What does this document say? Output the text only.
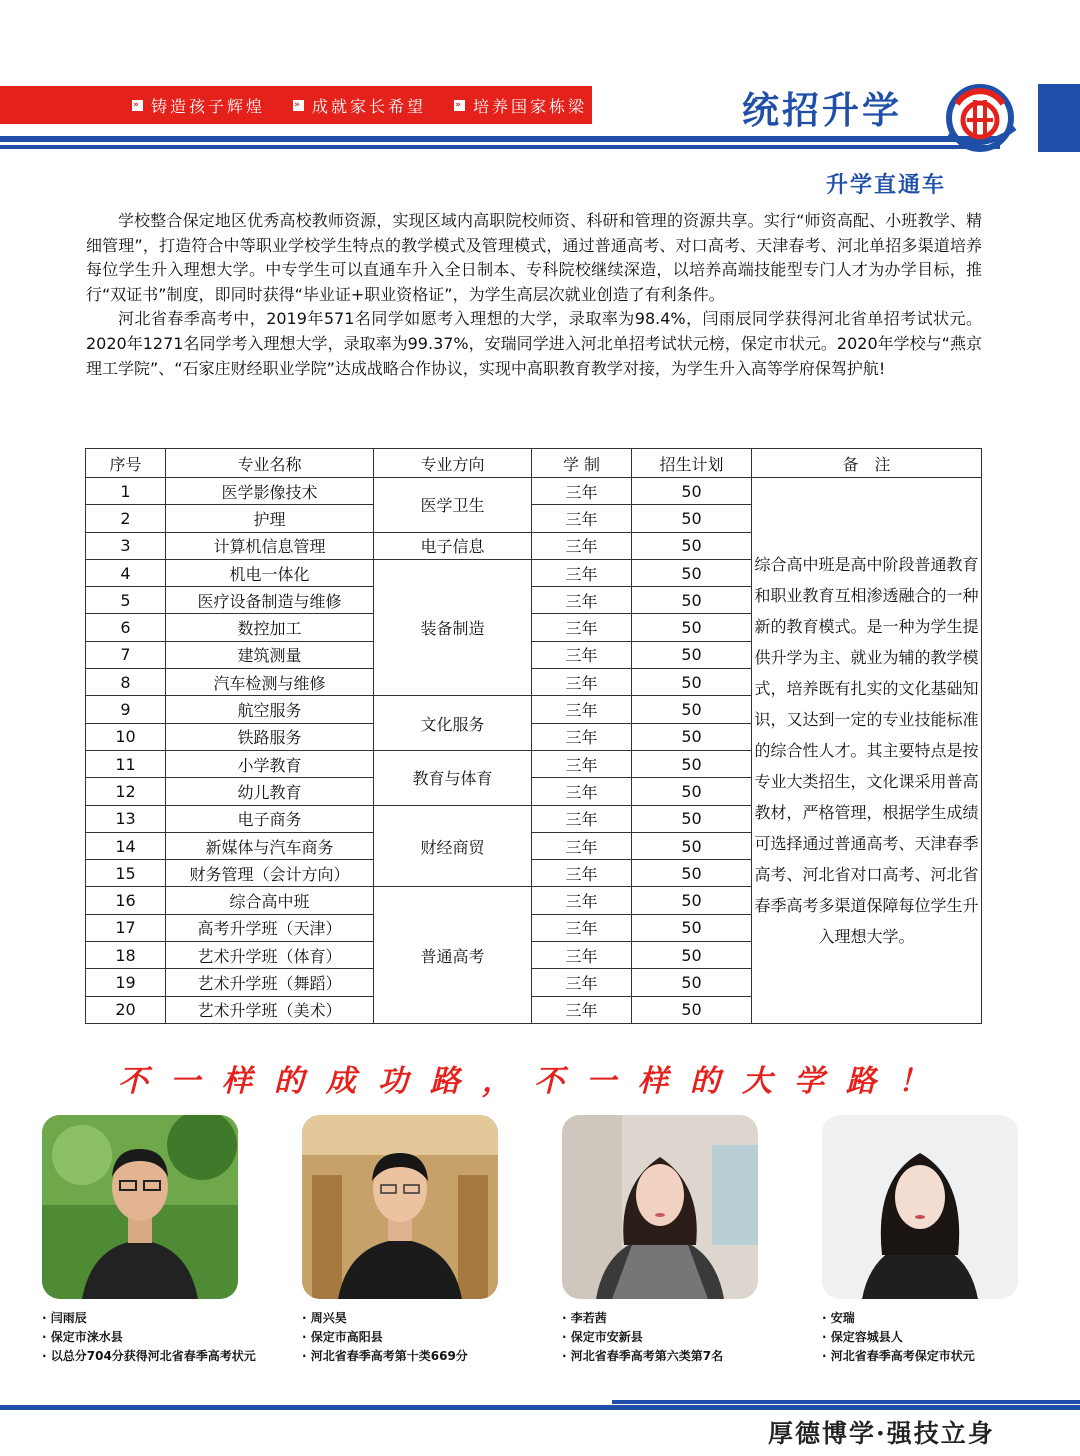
» 铸造孩子辉煌	» 成就家长希望	» 培养国家栋梁	统招升学
升学直通车

学校整合保定地区优秀高校教师资源，实现区域内高职院校师资、科研和管理的资源共享。实行“师资高配、小班教学、精细管理”，打造符合中等职业学校学生特点的教学模式及管理模式，通过普通高考、对口高考、天津春考、河北单招多渠道培养每位学生升入理想大学。中专学生可以直通车升入全日制本、专科院校继续深造，以培养高端技能型专门人才为办学目标，推行“双证书”制度，即同时获得“毕业证+职业资格证”，为学生高层次就业创造了有利条件。

河北省春季高考中，2019年571名同学如愿考入理想的大学，录取率为98.4%，闫雨辰同学获得河北省单招考试状元。2020年1271名同学考入理想大学，录取率为99.37%，安瑞同学进入河北单招考试状元榜，保定市状元。2020年学校与“燕京理工学院”、“石家庄财经职业学院”达成战略合作协议，实现中高职教育教学对接，为学生升入高等学府保驾护航!

序号	专业名称	专业方向	学 制	招生计划	备　注
1	医学影像技术	医学卫生	三年	50	综合高中班是高中阶段普通教育和职业教育互相渗透融合的一种新的教育模式。是一种为学生提供升学为主、就业为辅的教学模式，培养既有扎实的文化基础知识，又达到一定的专业技能标准的综合性人才。其主要特点是按专业大类招生，文化课采用普高教材，严格管理，根据学生成绩可选择通过普通高考、天津春季高考、河北省对口高考、河北省春季高考多渠道保障每位学生升入理想大学。
2	护理		三年	50	
3	计算机信息管理	电子信息	三年	50	
4	机电一体化	装备制造	三年	50	
5	医疗设备制造与维修		三年	50	
6	数控加工		三年	50	
7	建筑测量		三年	50	
8	汽车检测与维修		三年	50	
9	航空服务	文化服务	三年	50	
10	铁路服务		三年	50	
11	小学教育	教育与体育	三年	50	
12	幼儿教育		三年	50	
13	电子商务	财经商贸	三年	50	
14	新媒体与汽车商务		三年	50	
15	财务管理（会计方向）		三年	50	
16	综合高中班	普通高考	三年	50	
17	高考升学班（天津）		三年	50	
18	艺术升学班（体育）		三年	50	
19	艺术升学班（舞蹈）		三年	50	
20	艺术升学班（美术）		三年	50	
不一样的成功路，不一样的大学路！
· 闫雨辰
· 保定市涞水县
· 以总分704分获得河北省春季高考状元
· 周兴昊
· 保定市高阳县
· 河北省春季高考第十类669分
· 李若茜
· 保定市安新县
· 河北省春季高考第六类第7名
· 安瑞
· 保定容城县人
· 河北省春季高考保定市状元
厚德博学·强技立身
